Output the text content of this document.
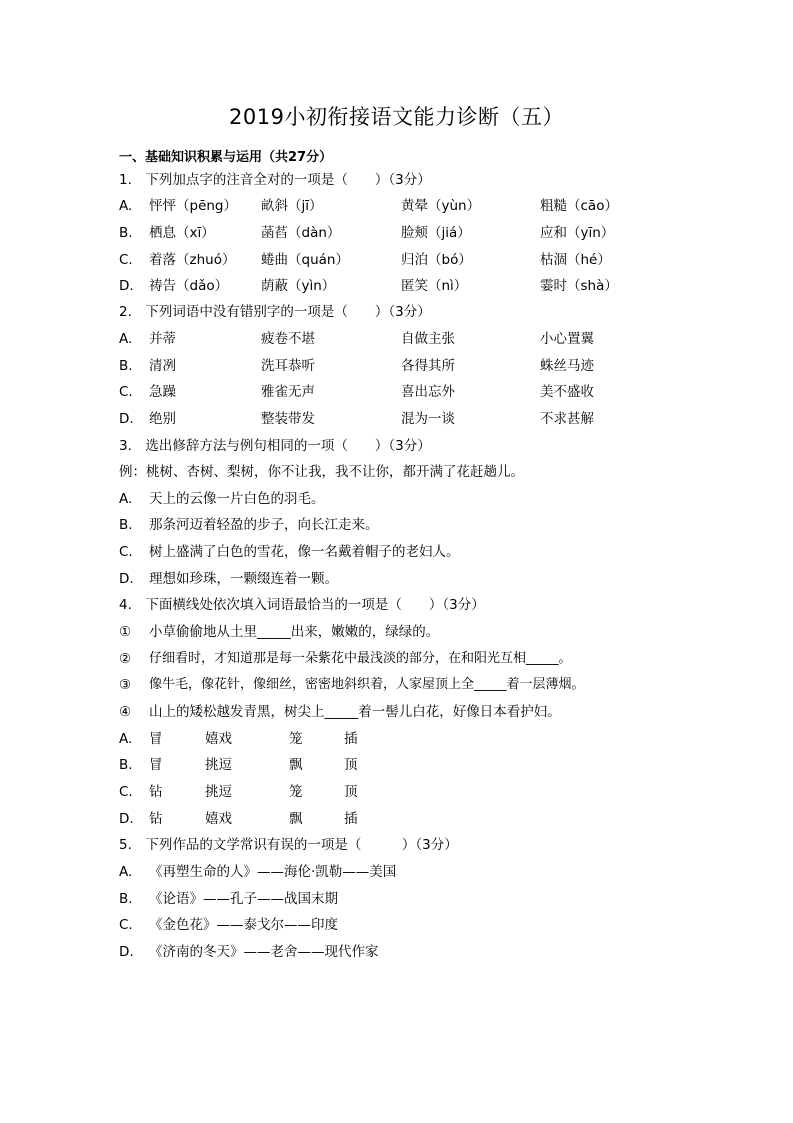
2019小初衔接语文能力诊断（五）
一、基础知识积累与运用（共27分）
1.　下列加点字的注音全对的一项是（　　）（3分）
A. 怦怦（pēng） 畝斜（jī）	黄晕（yùn）	粗糙（cāo）
B. 栖息（xī）	菡萏（dàn）	脸颊（jiá）	应和（yīn）
C. 着落（zhuó） 蜷曲（quán）	归泊（bó）	枯涸（hé）
D. 祷告（dǎo） 荫蔽（yìn）	匿笑（nì）	霎时（shà）
2.　下列词语中没有错别字的一项是（　　）（3分）
A. 并蒂	疲卷不堪	自做主张	小心置翼
B. 清冽	洗耳恭听	各得其所	蛛丝马迹
C. 急躁	雅雀无声	喜出忘外	美不盛收
D. 绝别	整装带发	混为一谈	不求甚解
3.　选出修辞方法与例句相同的一项（　　）（3分）
例：桃树、杏树、梨树，你不让我，我不让你，都开满了花赶趟儿。
A. 天上的云像一片白色的羽毛。
B. 那条河迈着轻盈的步子，向长江走来。
C. 树上盛满了白色的雪花，像一名戴着帽子的老妇人。
D. 理想如珍珠，一颗缀连着一颗。
4.　下面横线处依次填入词语最恰当的一项是（　　）（3分）
① 小草偷偷地从土里_____出来，嫩嫩的，绿绿的。
② 仔细看时，才知道那是每一朵紫花中最浅淡的部分，在和阳光互相_____。
③ 像牛毛，像花针，像细丝，密密地斜织着，人家屋顶上全_____着一层薄烟。
④ 山上的矮松越发青黑，树尖上_____着一髻儿白花，好像日本看护妇。
A. 冒	嬉戏	笼	插
B. 冒	挑逗	飘	顶
C. 钻	挑逗	笼	顶
D. 钻	嬉戏	飘	插
5.　下列作品的文学常识有误的一项是（　　　）（3分）
A. 《再塑生命的人》——海伦·凯勒——美国
B. 《论语》——孔子——战国末期
C. 《金色花》——泰戈尔——印度
D. 《济南的冬天》——老舍——现代作家
